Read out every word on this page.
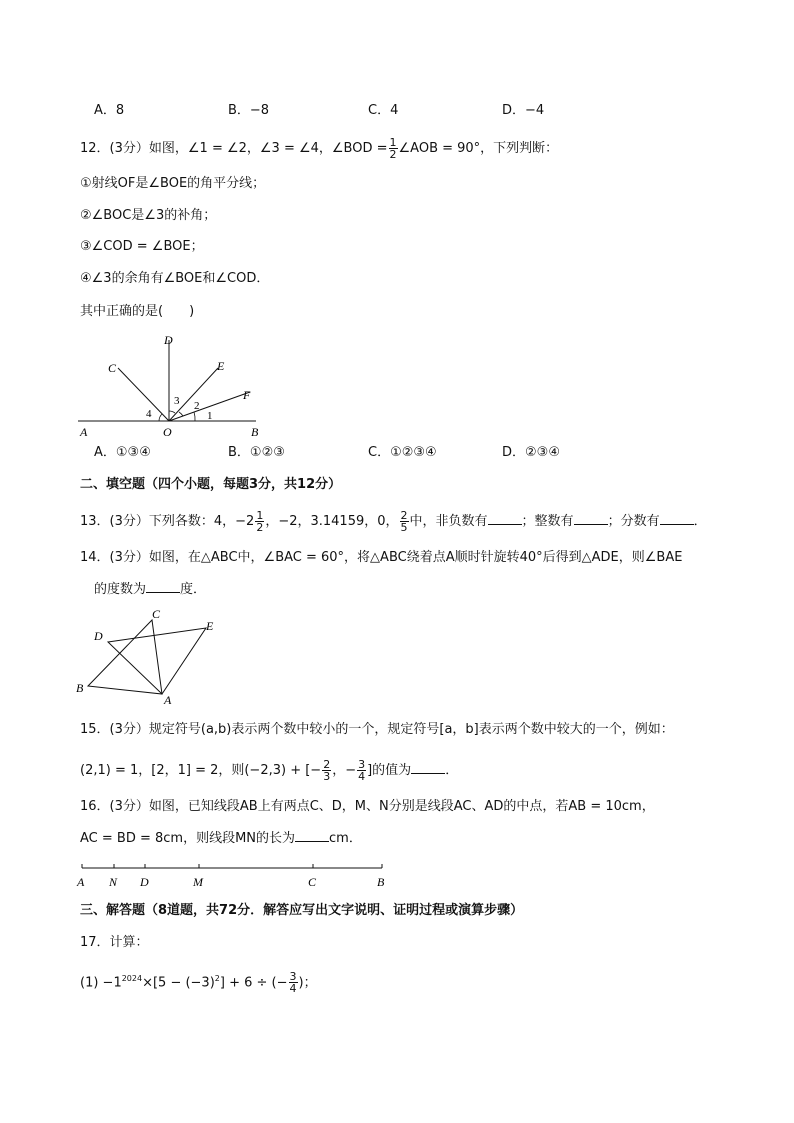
A．8	B．−8	C．4	D．−4
12．(3分）如图，∠1 = ∠2，∠3 = ∠4，∠BOD = $\frac{1}{2}$ ∠AOB = 90°，下列判断：
①射线OF是∠BOE的角平分线；
②∠BOC是∠3的补角；
③∠COD = ∠BOE；
④∠3的余角有∠BOE和∠COD．
其中正确的是(　　)
C
D
E
F
A	O	B
1
2
3
4
A．①③④	B．①②③	C．①②③④	D．②③④
二、填空题（四个小题，每题3分，共12分）
13．(3分）下列各数：4，$-2 \frac{1}{2}$ ，−2，3.14159，0， $\frac{2}{5}$ 中，非负数有	；整数有	；分数有	．
14．(3分）如图，在△ABC中，∠BAC = 60°，将△ABC绕着点A顺时针旋转40°后得到△ADE，则∠BAE
的度数为	度．
C
D
E
B
A
15．(3分）规定符号(a,b)表示两个数中较小的一个，规定符号[a，b]表示两个数中较大的一个，例如：
(2,1) = 1，[2，1] = 2，则(−2,3) + [− $\frac{2}{3}$ ，− $\frac{3}{4}$ ]的值为	．
16．(3分）如图，已知线段AB上有两点C、D，M、N分别是线段AC、AD的中点，若AB = 10cm，
AC = BD = 8cm，则线段MN的长为	cm．
A N D	M	C	B
三、解答题（8道题，共72分．解答应写出文字说明、证明过程或演算步骤）
17．计算：
$(1) -1^{2024}\times[5 - (-3)^2] + 6$ ÷ (− $\frac{3}{4}$ )；
